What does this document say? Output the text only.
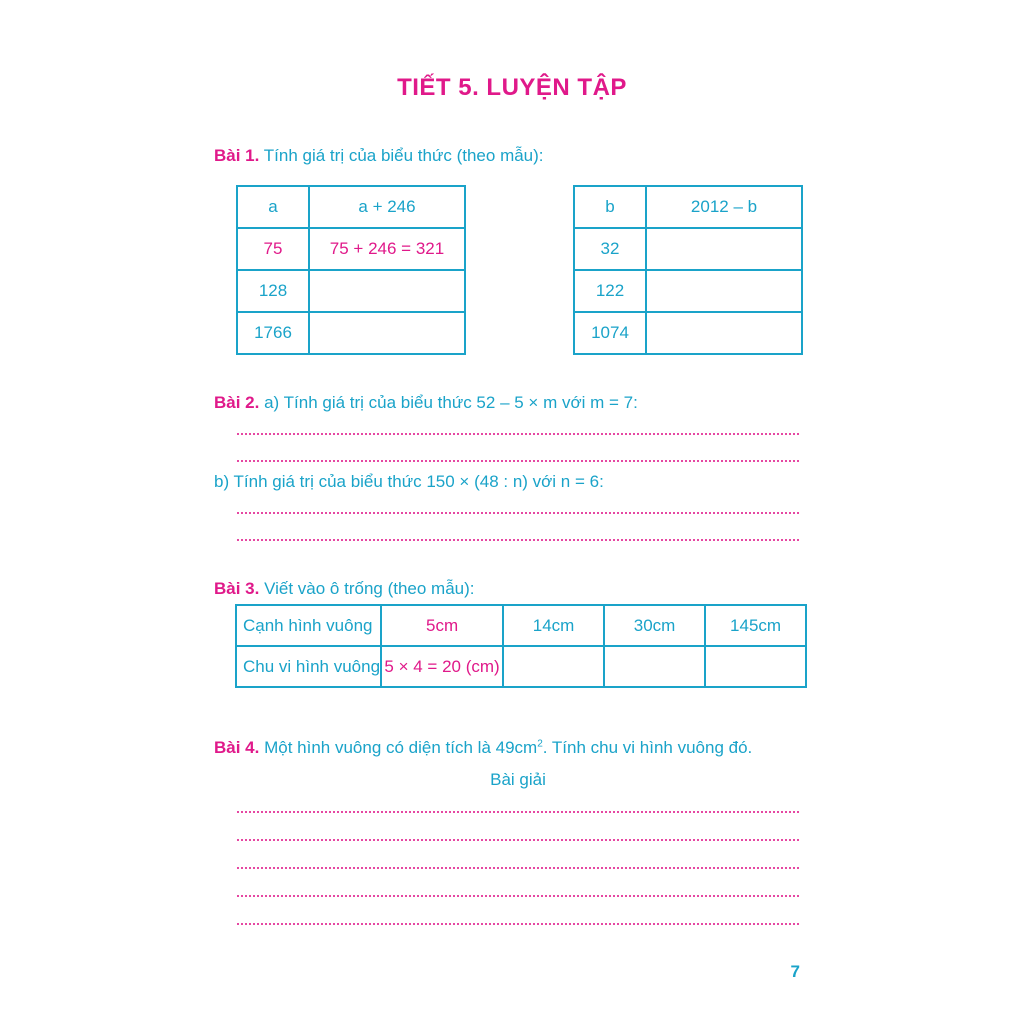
TIẾT 5. LUYỆN TẬP
Bài 1. Tính giá trị của biểu thức (theo mẫu):
a	a + 246
75	75 + 246 = 321
128	
1766	
b	2012 – b
32	
122	
1074	
Bài 2. a) Tính giá trị của biểu thức 52 – 5 × m với m = 7:
b) Tính giá trị của biểu thức 150 × (48 : n) với n = 6:
Bài 3. Viết vào ô trống (theo mẫu):
Cạnh hình vuông	5cm	14cm	30cm	145cm
Chu vi hình vuông	5 × 4 = 20 (cm)			
Bài 4. Một hình vuông có diện tích là $49cm^2$. Tính chu vi hình vuông đó.
Bài giải
7
